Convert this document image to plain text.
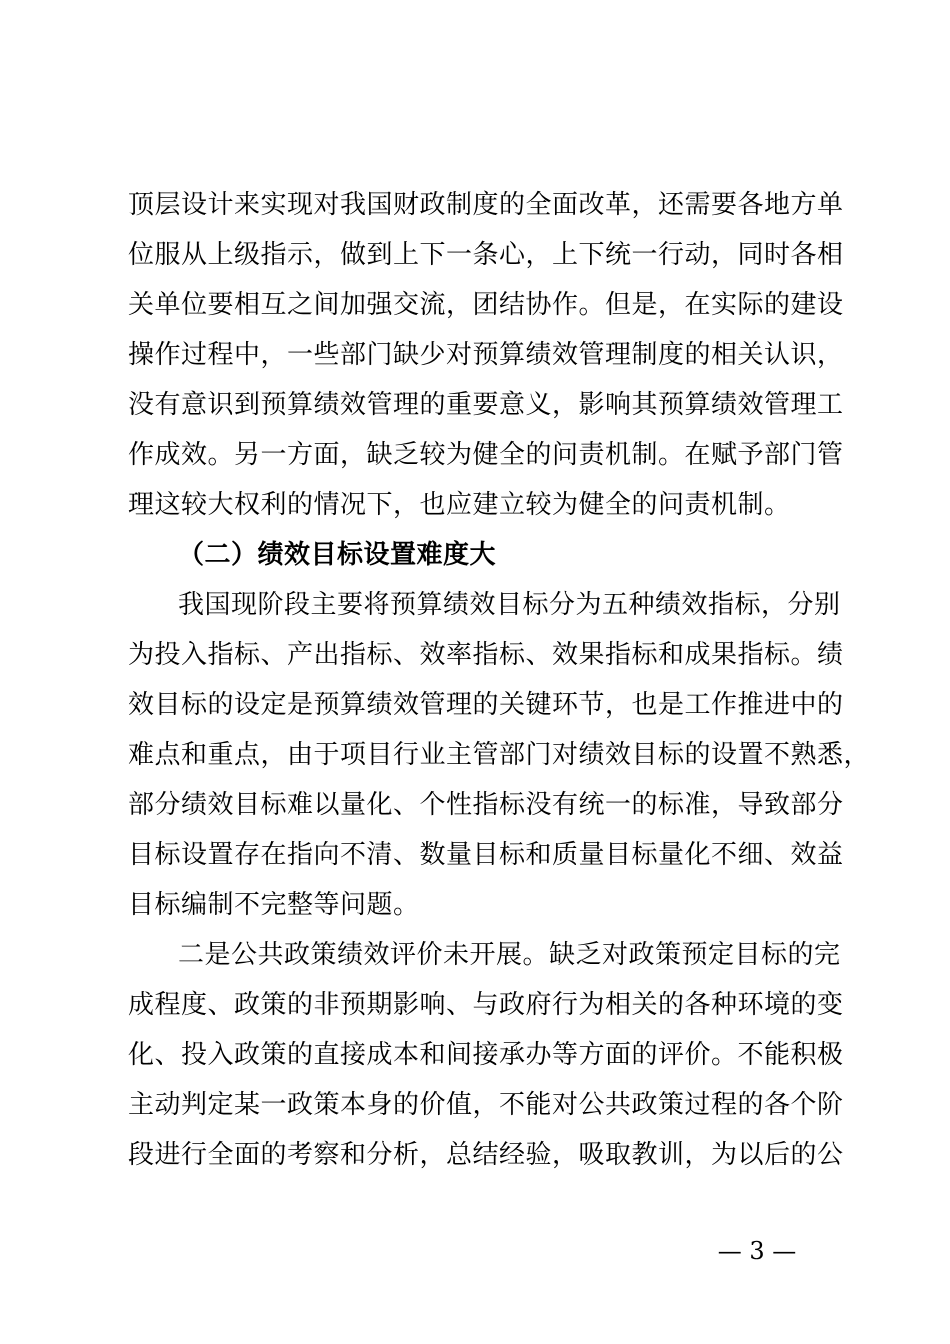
顶层设计来实现对我国财政制度的全面改革，还需要各地方单
位服从上级指示，做到上下一条心，上下统一行动，同时各相
关单位要相互之间加强交流，团结协作。但是，在实际的建设
操作过程中，一些部门缺少对预算绩效管理制度的相关认识，
没有意识到预算绩效管理的重要意义，影响其预算绩效管理工
作成效。另一方面，缺乏较为健全的问责机制。在赋予部门管
理这较大权利的情况下，也应建立较为健全的问责机制。
（二）绩效目标设置难度大
我国现阶段主要将预算绩效目标分为五种绩效指标，分别
为投入指标、产出指标、效率指标、效果指标和成果指标。绩
效目标的设定是预算绩效管理的关键环节，也是工作推进中的
难点和重点，由于项目行业主管部门对绩效目标的设置不熟悉，
部分绩效目标难以量化、个性指标没有统一的标准，导致部分
目标设置存在指向不清、数量目标和质量目标量化不细、效益
目标编制不完整等问题。
二是公共政策绩效评价未开展。缺乏对政策预定目标的完
成程度、政策的非预期影响、与政府行为相关的各种环境的变
化、投入政策的直接成本和间接承办等方面的评价。不能积极
主动判定某一政策本身的价值，不能对公共政策过程的各个阶
段进行全面的考察和分析，总结经验，吸取教训，为以后的公
— 3 —
